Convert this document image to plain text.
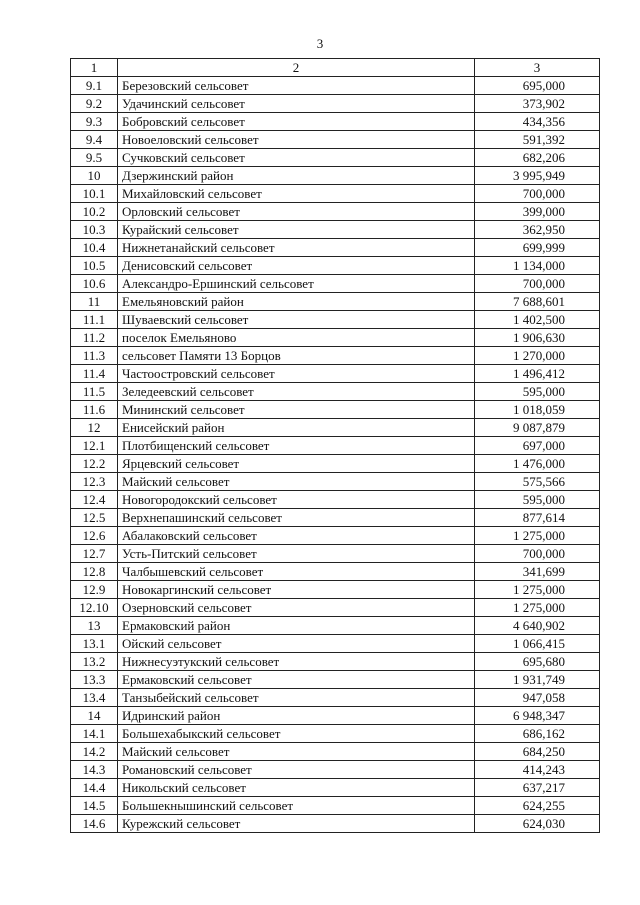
3
1	2	3
9.1	Березовский сельсовет	695,000
9.2	Удачинский сельсовет	373,902
9.3	Бобровский сельсовет	434,356
9.4	Новоеловский сельсовет	591,392
9.5	Сучковский сельсовет	682,206
10	Дзержинский район	3 995,949
10.1	Михайловский сельсовет	700,000
10.2	Орловский сельсовет	399,000
10.3	Курайский сельсовет	362,950
10.4	Нижнетанайский сельсовет	699,999
10.5	Денисовский сельсовет	1 134,000
10.6	Александро-Ершинский сельсовет	700,000
11	Емельяновский район	7 688,601
11.1	Шуваевский сельсовет	1 402,500
11.2	поселок Емельяново	1 906,630
11.3	сельсовет Памяти 13 Борцов	1 270,000
11.4	Частоостровский сельсовет	1 496,412
11.5	Зеледеевский сельсовет	595,000
11.6	Мининский сельсовет	1 018,059
12	Енисейский район	9 087,879
12.1	Плотбищенский сельсовет	697,000
12.2	Ярцевский сельсовет	1 476,000
12.3	Майский сельсовет	575,566
12.4	Новогородокский сельсовет	595,000
12.5	Верхнепашинский сельсовет	877,614
12.6	Абалаковский сельсовет	1 275,000
12.7	Усть-Питский сельсовет	700,000
12.8	Чалбышевский сельсовет	341,699
12.9	Новокаргинский сельсовет	1 275,000
12.10	Озерновский сельсовет	1 275,000
13	Ермаковский район	4 640,902
13.1	Ойский сельсовет	1 066,415
13.2	Нижнесуэтукский сельсовет	695,680
13.3	Ермаковский сельсовет	1 931,749
13.4	Танзыбейский сельсовет	947,058
14	Идринский район	6 948,347
14.1	Большехабыкский сельсовет	686,162
14.2	Майский сельсовет	684,250
14.3	Романовский сельсовет	414,243
14.4	Никольский сельсовет	637,217
14.5	Большекнышинский сельсовет	624,255
14.6	Курежский сельсовет	624,030
